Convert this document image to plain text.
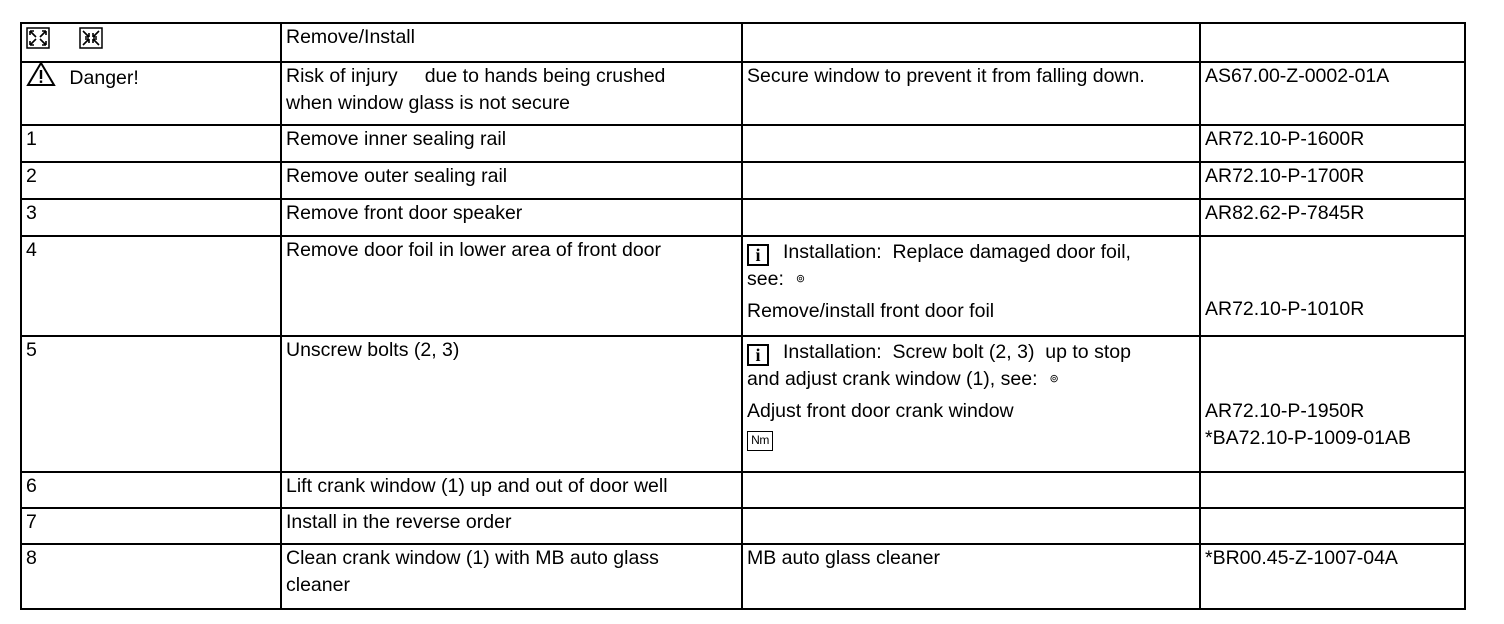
	Remove/Install		
Danger!	Risk of injury     due to hands being crushed
when window glass is not secure	Secure window to prevent it from falling down.	AS67.00-Z-0002-01A

1	Remove inner sealing rail		AR72.10-P-1600R

2	Remove outer sealing rail		AR72.10-P-1700R

3	Remove front door speaker		AR82.62-P-7845R

4	Remove door foil in lower area of front door	i Installation:  Replace damaged door foil,
see: ⊚
Remove/install front door foil	AR72.10-P-1010R

5	Unscrew bolts (2, 3)	i Installation:  Screw bolt (2, 3)  up to stop
and adjust crank window (1), see: ⊚
Adjust front door crank window
Nm	AR72.10-P-1950R
*BA72.10-P-1009-01AB

6	Lift crank window (1) up and out of door well		
7	Install in the reverse order		
8	Clean crank window (1) with MB auto glass
cleaner	MB auto glass cleaner	*BR00.45-Z-1007-04A
